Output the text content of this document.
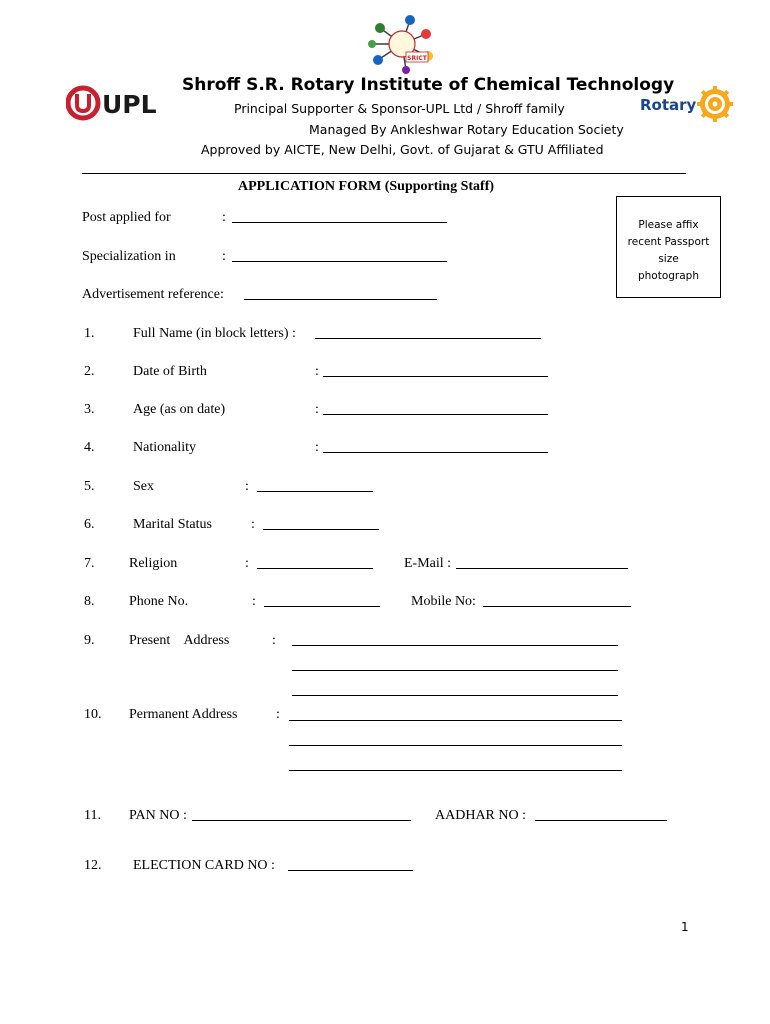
SRICT
UPL	Rotary
Shroff S.R. Rotary Institute of Chemical Technology
Principal Supporter & Sponsor-UPL Ltd / Shroff family
Managed By Ankleshwar Rotary Education Society
Approved by AICTE, New Delhi, Govt. of Gujarat & GTU Affiliated
APPLICATION FORM (Supporting Staff)
Please affix
recent Passport
size
photograph
Post applied for	:
Specialization in	:
Advertisement reference:
1.	Full Name (in block letters) :
2.	Date of Birth	:
3.	Age (as on date)	:
4.	Nationality	:
5.	Sex	:
6.	Marital Status	:
7. Religion	:	E-Mail :
8. Phone No.	:	Mobile No:
9. Present    Address	:
10. Permanent Address	:
11. PAN NO :	AADHAR NO :
12. ELECTION CARD NO :
1
